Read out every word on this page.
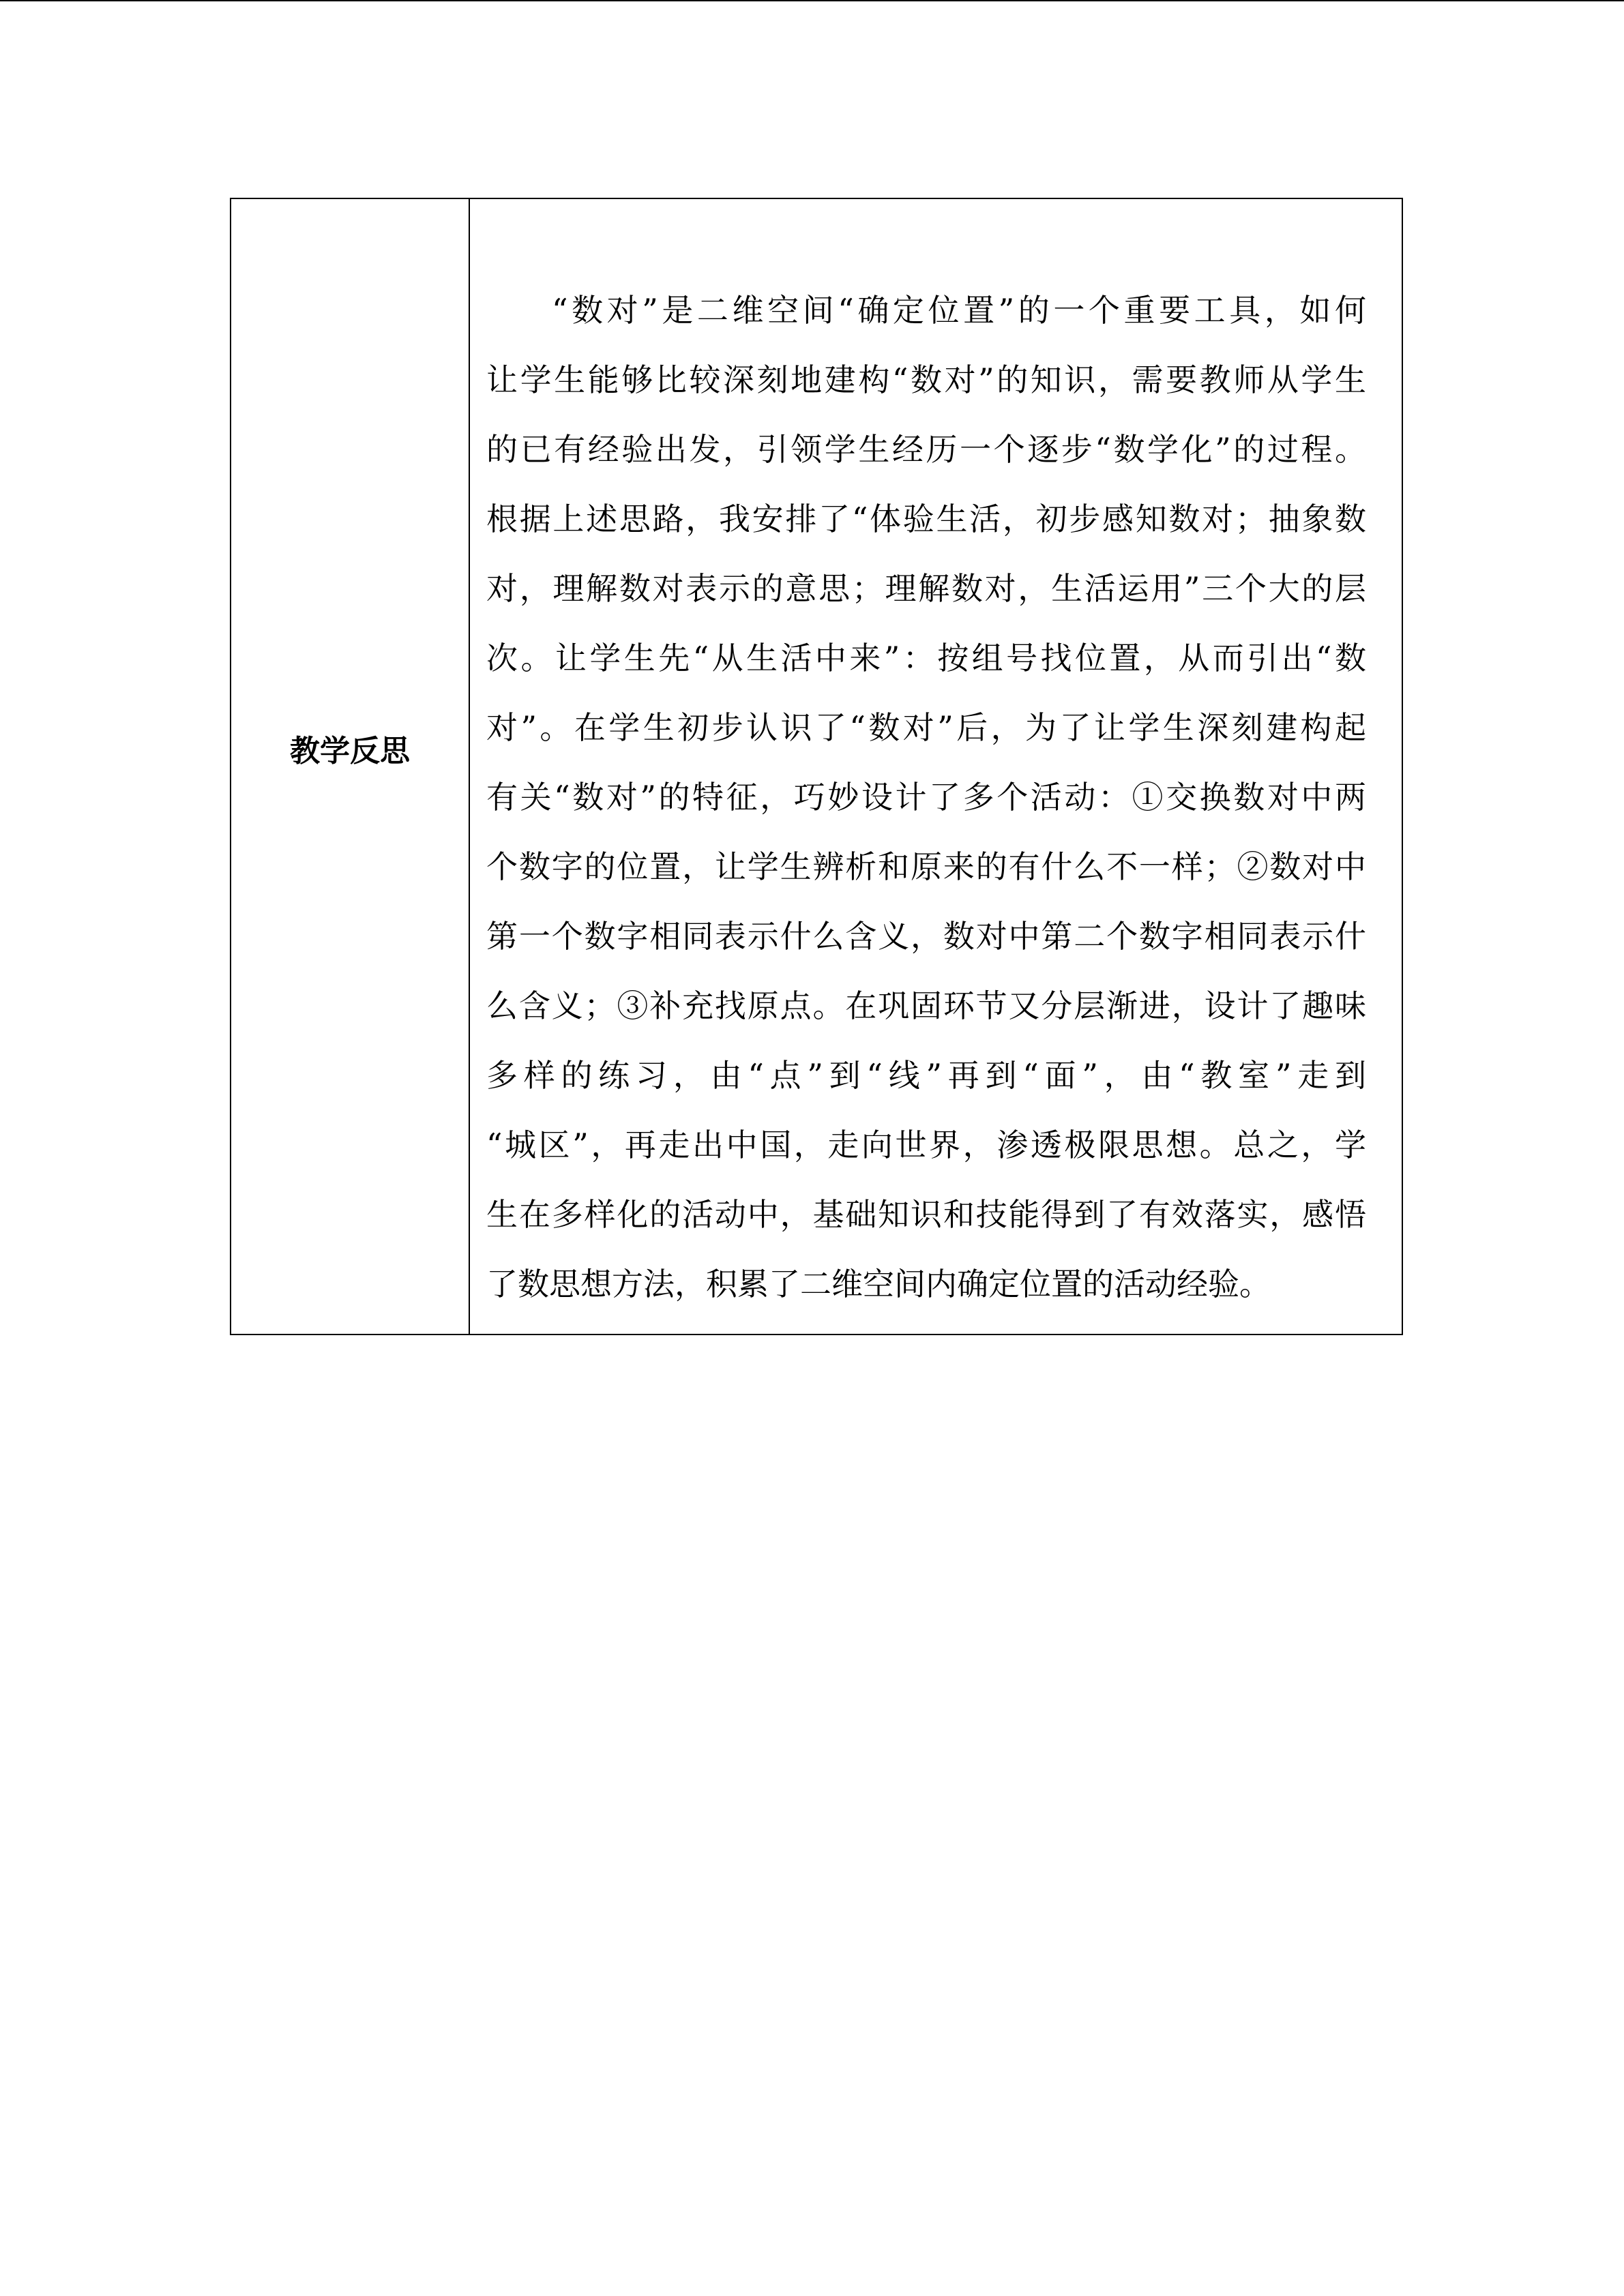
教学反思
“数对”是二维空间“确定位置”的一个重要工具，如何
让学生能够比较深刻地建构“数对”的知识，需要教师从学生
的已有经验出发，引领学生经历一个逐步“数学化”的过程。
根据上述思路，我安排了“体验生活，初步感知数对；抽象数
对，理解数对表示的意思；理解数对，生活运用”三个大的层
次。让学生先“从生活中来”：按组号找位置，从而引出“数
对”。在学生初步认识了“数对”后，为了让学生深刻建构起
有关“数对”的特征，巧妙设计了多个活动：①交换数对中两
个数字的位置，让学生辨析和原来的有什么不一样；②数对中
第一个数字相同表示什么含义，数对中第二个数字相同表示什
么含义；③补充找原点。在巩固环节又分层渐进，设计了趣味
多样的练习，由“点”到“线”再到“面”，由“教室”走到
“城区”，再走出中国，走向世界，渗透极限思想。总之，学
生在多样化的活动中，基础知识和技能得到了有效落实，感悟
了数思想方法，积累了二维空间内确定位置的活动经验。
